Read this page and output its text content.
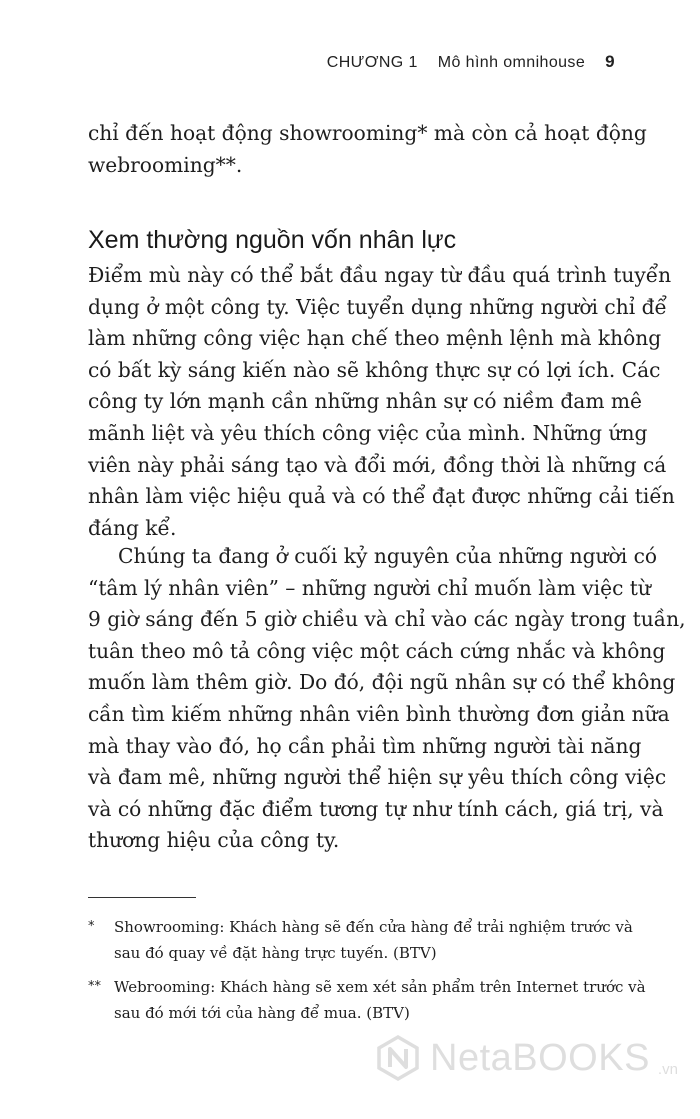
CHƯƠNG 1 Mô hình omnihouse 9
chỉ đến hoạt động showrooming* mà còn cả hoạt động
webrooming**.
Xem thường nguồn vốn nhân lực
Điểm mù này có thể bắt đầu ngay từ đầu quá trình tuyển
dụng ở một công ty. Việc tuyển dụng những người chỉ để
làm những công việc hạn chế theo mệnh lệnh mà không
có bất kỳ sáng kiến nào sẽ không thực sự có lợi ích. Các
công ty lớn mạnh cần những nhân sự có niềm đam mê
mãnh liệt và yêu thích công việc của mình. Những ứng
viên này phải sáng tạo và đổi mới, đồng thời là những cá
nhân làm việc hiệu quả và có thể đạt được những cải tiến
đáng kể.
Chúng ta đang ở cuối kỷ nguyên của những người có
“tâm lý nhân viên” – những người chỉ muốn làm việc từ
9 giờ sáng đến 5 giờ chiều và chỉ vào các ngày trong tuần,
tuân theo mô tả công việc một cách cứng nhắc và không
muốn làm thêm giờ. Do đó, đội ngũ nhân sự có thể không
cần tìm kiếm những nhân viên bình thường đơn giản nữa
mà thay vào đó, họ cần phải tìm những người tài năng
và đam mê, những người thể hiện sự yêu thích công việc
và có những đặc điểm tương tự như tính cách, giá trị, và
thương hiệu của công ty.
* Showrooming: Khách hàng sẽ đến cửa hàng để trải nghiệm trước và
sau đó quay về đặt hàng trực tuyến. (BTV)
** Webrooming: Khách hàng sẽ xem xét sản phẩm trên Internet trước và
sau đó mới tới của hàng để mua. (BTV)
NetaBOOKS .vn
